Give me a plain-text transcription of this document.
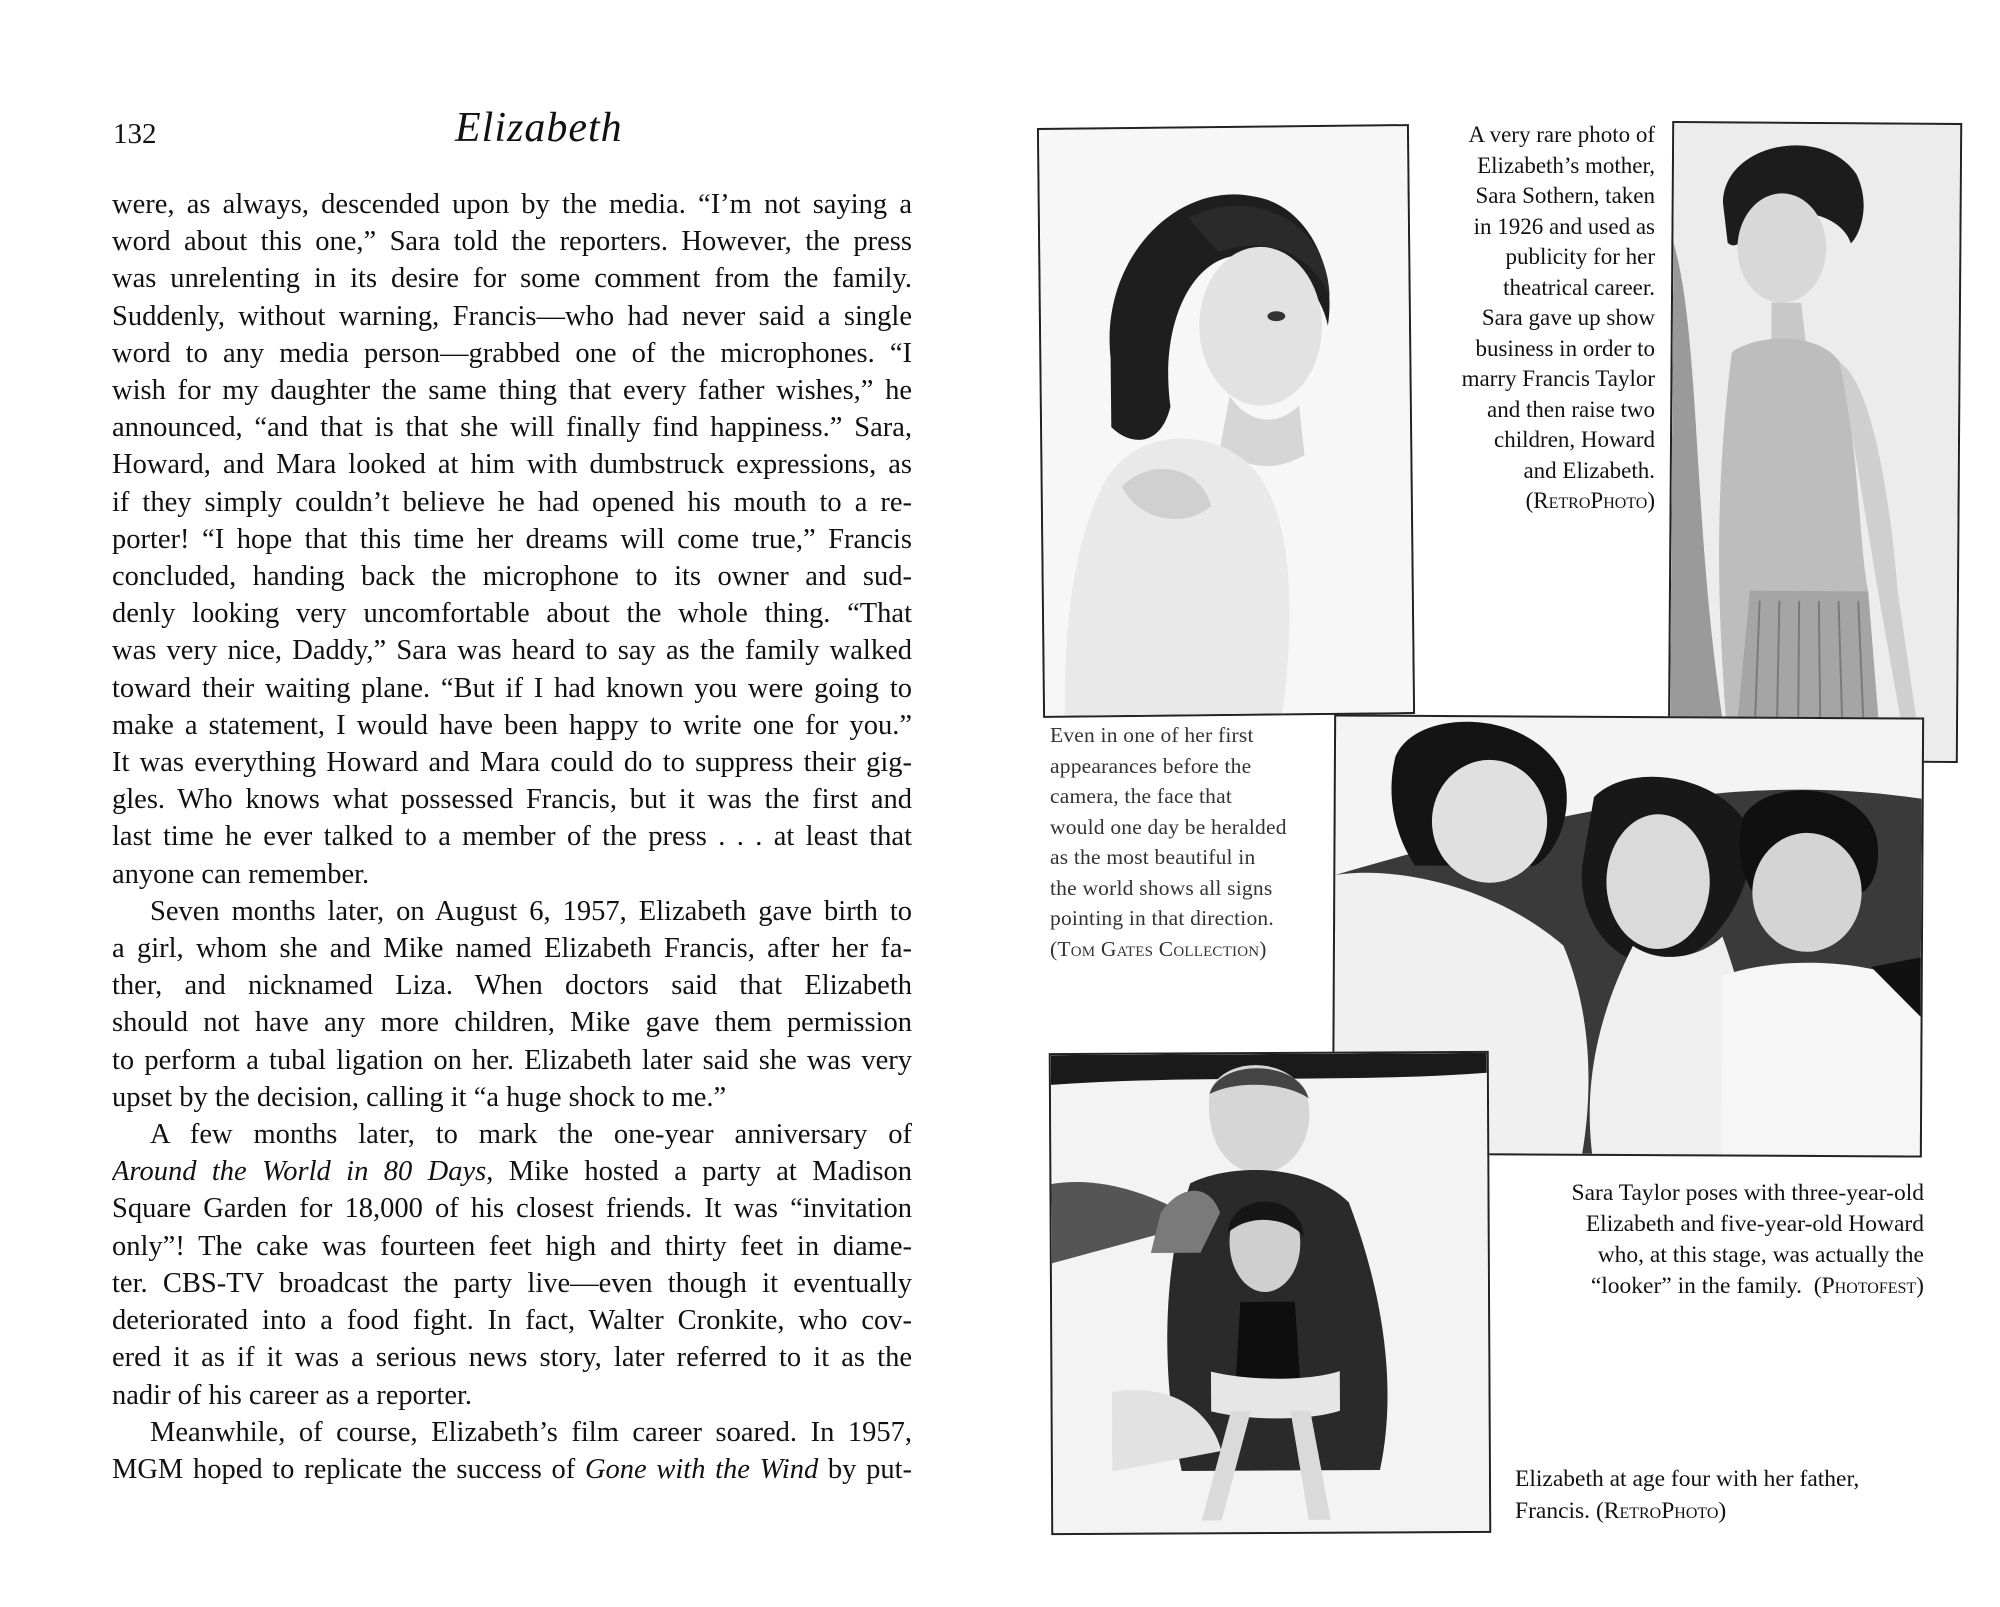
132	Elizabeth
were, as always, descended upon by the media. “I’m not saying a
word about this one,” Sara told the reporters. However, the press
was unrelenting in its desire for some comment from the family.
Suddenly, without warning, Francis—who had never said a single
word to any media person—grabbed one of the microphones. “I
wish for my daughter the same thing that every father wishes,” he
announced, “and that is that she will finally find happiness.” Sara,
Howard, and Mara looked at him with dumbstruck expressions, as
if they simply couldn’t believe he had opened his mouth to a re-
porter! “I hope that this time her dreams will come true,” Francis
concluded, handing back the microphone to its owner and sud-
denly looking very uncomfortable about the whole thing. “That
was very nice, Daddy,” Sara was heard to say as the family walked
toward their waiting plane. “But if I had known you were going to
make a statement, I would have been happy to write one for you.”
It was everything Howard and Mara could do to suppress their gig-
gles. Who knows what possessed Francis, but it was the first and
last time he ever talked to a member of the press . . . at least that
anyone can remember.
Seven months later, on August 6, 1957, Elizabeth gave birth to
a girl, whom she and Mike named Elizabeth Francis, after her fa-
ther, and nicknamed Liza. When doctors said that Elizabeth
should not have any more children, Mike gave them permission
to perform a tubal ligation on her. Elizabeth later said she was very
upset by the decision, calling it “a huge shock to me.”
A few months later, to mark the one-year anniversary of
Around the World in 80 Days, Mike hosted a party at Madison
Square Garden for 18,000 of his closest friends. It was “invitation
only”! The cake was fourteen feet high and thirty feet in diame-
ter. CBS-TV broadcast the party live—even though it eventually
deteriorated into a food fight. In fact, Walter Cronkite, who cov-
ered it as if it was a serious news story, later referred to it as the
nadir of his career as a reporter.
Meanwhile, of course, Elizabeth’s film career soared. In 1957,
MGM hoped to replicate the success of Gone with the Wind by put-
A very rare photo of
Elizabeth’s mother,
Sara Sothern, taken
in 1926 and used as
publicity for her
theatrical career.
Sara gave up show
business in order to
marry Francis Taylor
and then raise two
children, Howard
and Elizabeth.
(RetroPhoto)
Even in one of her first
appearances before the
camera, the face that
would one day be heralded
as the most beautiful in
the world shows all signs
pointing in that direction.
(Tom Gates Collection)
Sara Taylor poses with three-year-old
Elizabeth and five-year-old Howard
who, at this stage, was actually the
“looker” in the family. (Photofest)
Elizabeth at age four with her father,
Francis. (RetroPhoto)
